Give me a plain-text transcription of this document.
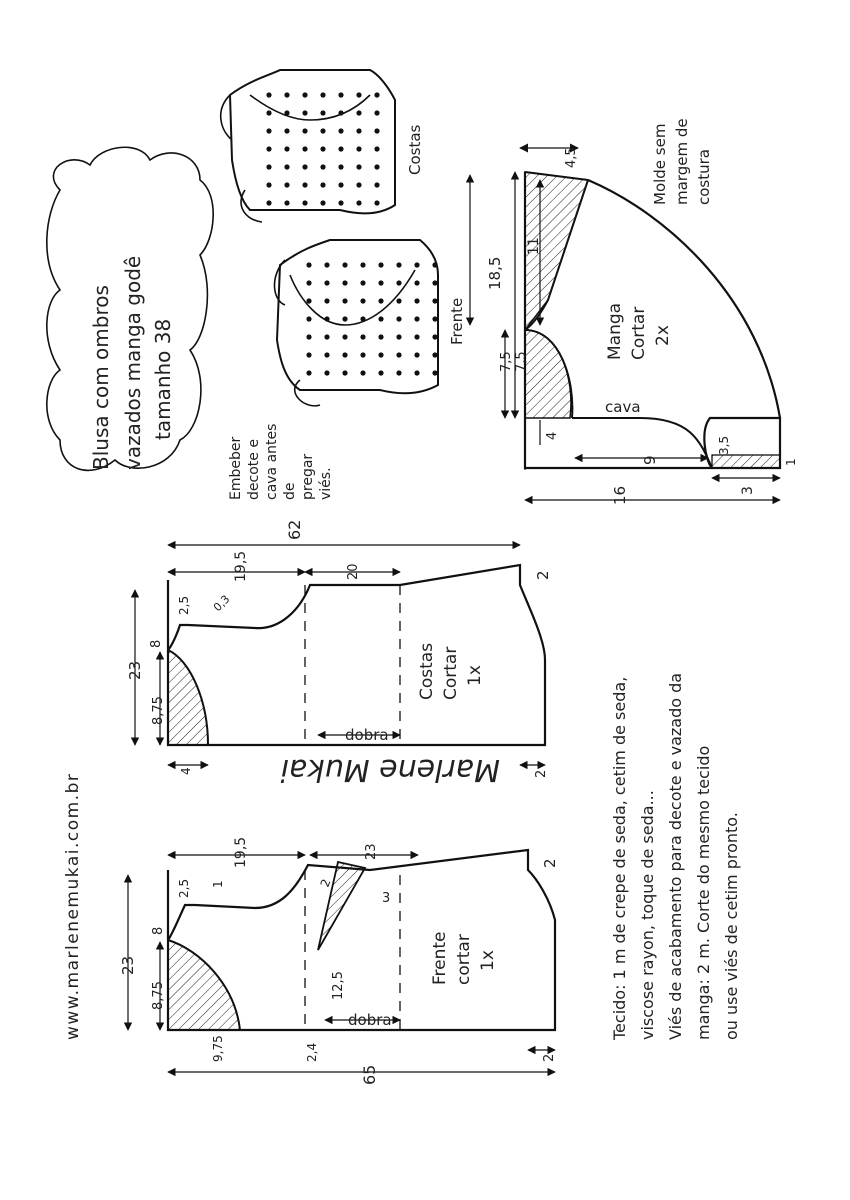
Blusa com ombros vazados manga godê tamanho 38
Costas
Frente
Embeber decote e cava antes de pregar viés.
Manga Cortar 2x
cava
Molde sem margem de costura
4,5
11
18,5
7,5 7,5
4
9
3,5
1
3
16
Costas Cortar 1x
dobra
62
19,5	20	2
23
2,5 0,3
8
8,75
4	2
Marlene Mukai
www.marlenemukai.com.br	Frente cortar 1x
dobra
19,5	23
2
23
2,5 1
8
8,75
9,75
2
3
12,5
2,4
65
2
Tecido: 1 m de crepe de seda, cetim de seda, viscose rayon, toque de seda... Viés de acabamento para decote e vazado da manga: 2 m. Corte do mesmo tecido ou use viés de cetim pronto.
